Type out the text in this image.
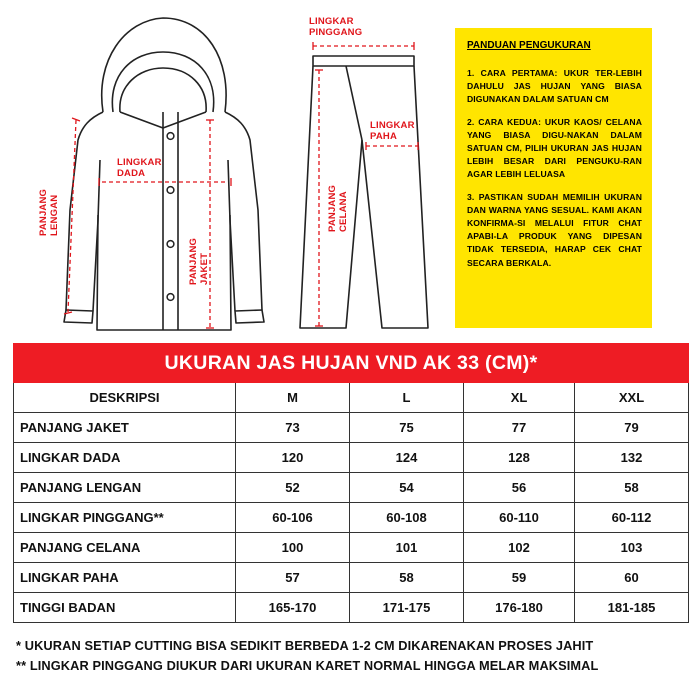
LINGKAR
DADA
PANJANG
LENGAN
PANJANG
JAKET
LINGKAR
PINGGANG
LINGKAR
PAHA
PANJANG
CELANA

PANDUAN PENGUKURAN

1. CARA PERTAMA: UKUR TER-LEBIH DAHULU JAS HUJAN YANG BIASA DIGUNAKAN DALAM SATUAN CM

2. CARA KEDUA: UKUR KAOS/ CELANA YANG BIASA DIGU-NAKAN DALAM SATUAN CM, PILIH UKURAN JAS HUJAN LEBIH BESAR DARI PENGUKU-RAN AGAR LEBIH LELUASA

3. PASTIKAN SUDAH MEMILIH UKURAN DAN WARNA YANG SESUAL. KAMI AKAN KONFIRMA-SI MELALUI FITUR CHAT APABI-LA PRODUK YANG DIPESAN TIDAK TERSEDIA, HARAP CEK CHAT SECARA BERKALA.

UKURAN JAS HUJAN VND AK 33 (CM)*				
DESKRIPSI	M	L	XL	XXL
PANJANG JAKET	73	75	77	79
LINGKAR DADA	120	124	128	132
PANJANG LENGAN	52	54	56	58
LINGKAR PINGGANG**	60-106	60-108	60-110	60-112
PANJANG CELANA	100	101	102	103
LINGKAR PAHA	57	58	59	60
TINGGI BADAN	165-170	171-175	176-180	181-185
* UKURAN SETIAP CUTTING BISA SEDIKIT BERBEDA 1-2 CM DIKARENAKAN PROSES JAHIT
** LINGKAR PINGGANG DIUKUR DARI UKURAN KARET NORMAL HINGGA MELAR MAKSIMAL
